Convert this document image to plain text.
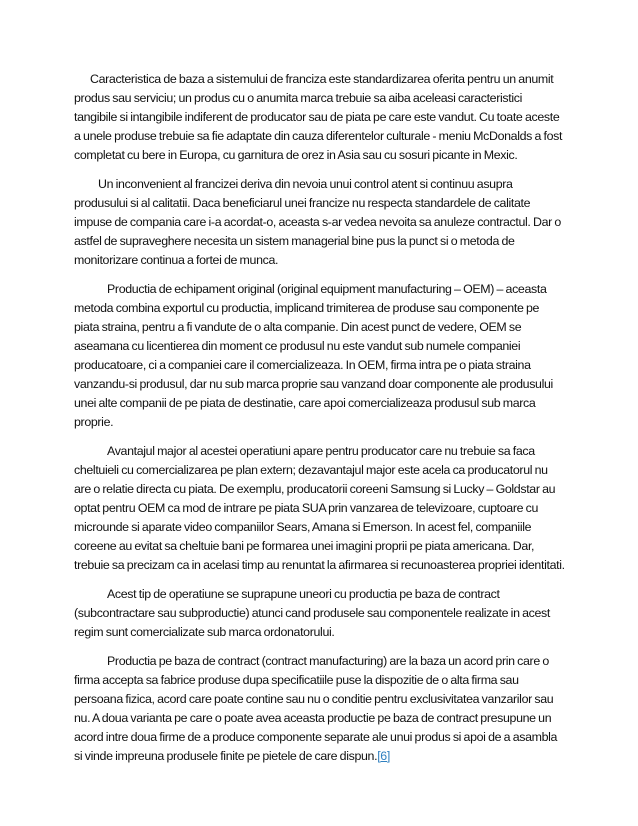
Caracteristica de baza a sistemului de franciza este standardizarea oferita pentru un anumit produs sau serviciu; un produs cu o anumita marca trebuie sa aiba aceleasi caracteristici tangibile si intangibile indiferent de producator sau de piata pe care este vandut. Cu toate aceste a unele produse trebuie sa fie adaptate din cauza diferentelor culturale - meniu McDonalds a fost completat cu bere in Europa, cu garnitura de orez in Asia sau cu sosuri picante in Mexic.

Un inconvenient al francizei deriva din nevoia unui control atent si continuu asupra produsului si al calitatii. Daca beneficiarul unei francize nu respecta standardele de calitate impuse de compania care i-a acordat-o, aceasta s-ar vedea nevoita sa anuleze contractul. Dar o astfel de supraveghere necesita un sistem managerial bine pus la punct si o metoda de monitorizare continua a fortei de munca.

Productia de echipament original (original equipment manufacturing – OEM) – aceasta metoda combina exportul cu productia, implicand trimiterea de produse sau componente pe piata straina, pentru a fi vandute de o alta companie. Din acest punct de vedere, OEM se aseamana cu licentierea din moment ce produsul nu este vandut sub numele companiei producatoare, ci a companiei care il comercializeaza. In OEM, firma intra pe o piata straina vanzandu-si produsul, dar nu sub marca proprie sau vanzand doar componente ale produsului unei alte companii de pe piata de destinatie, care apoi comercializeaza produsul sub marca proprie.

Avantajul major al acestei operatiuni apare pentru producator care nu trebuie sa faca cheltuieli cu comercializarea pe plan extern; dezavantajul major este acela ca producatorul nu are o relatie directa cu piata. De exemplu, producatorii coreeni Samsung si Lucky – Goldstar au optat pentru OEM ca mod de intrare pe piata SUA prin vanzarea de televizoare, cuptoare cu microunde si aparate video companiilor Sears, Amana si Emerson. In acest fel, companiile coreene au evitat sa cheltuie bani pe formarea unei imagini proprii pe piata americana. Dar, trebuie sa precizam ca in acelasi timp au renuntat la afirmarea si recunoasterea propriei identitati.

Acest tip de operatiune se suprapune uneori cu productia pe baza de contract (subcontractare sau subproductie) atunci cand produsele sau componentele realizate in acest regim sunt comercializate sub marca ordonatorului.

Productia pe baza de contract (contract manufacturing) are la baza un acord prin care o firma accepta sa fabrice produse dupa specificatiile puse la dispozitie de o alta firma sau persoana fizica, acord care poate contine sau nu o conditie pentru exclusivitatea vanzarilor sau nu. A doua varianta pe care o poate avea aceasta productie pe baza de contract presupune un acord intre doua firme de a produce componente separate ale unui produs si apoi de a asambla si vinde impreuna produsele finite pe pietele de care dispun.[6]
